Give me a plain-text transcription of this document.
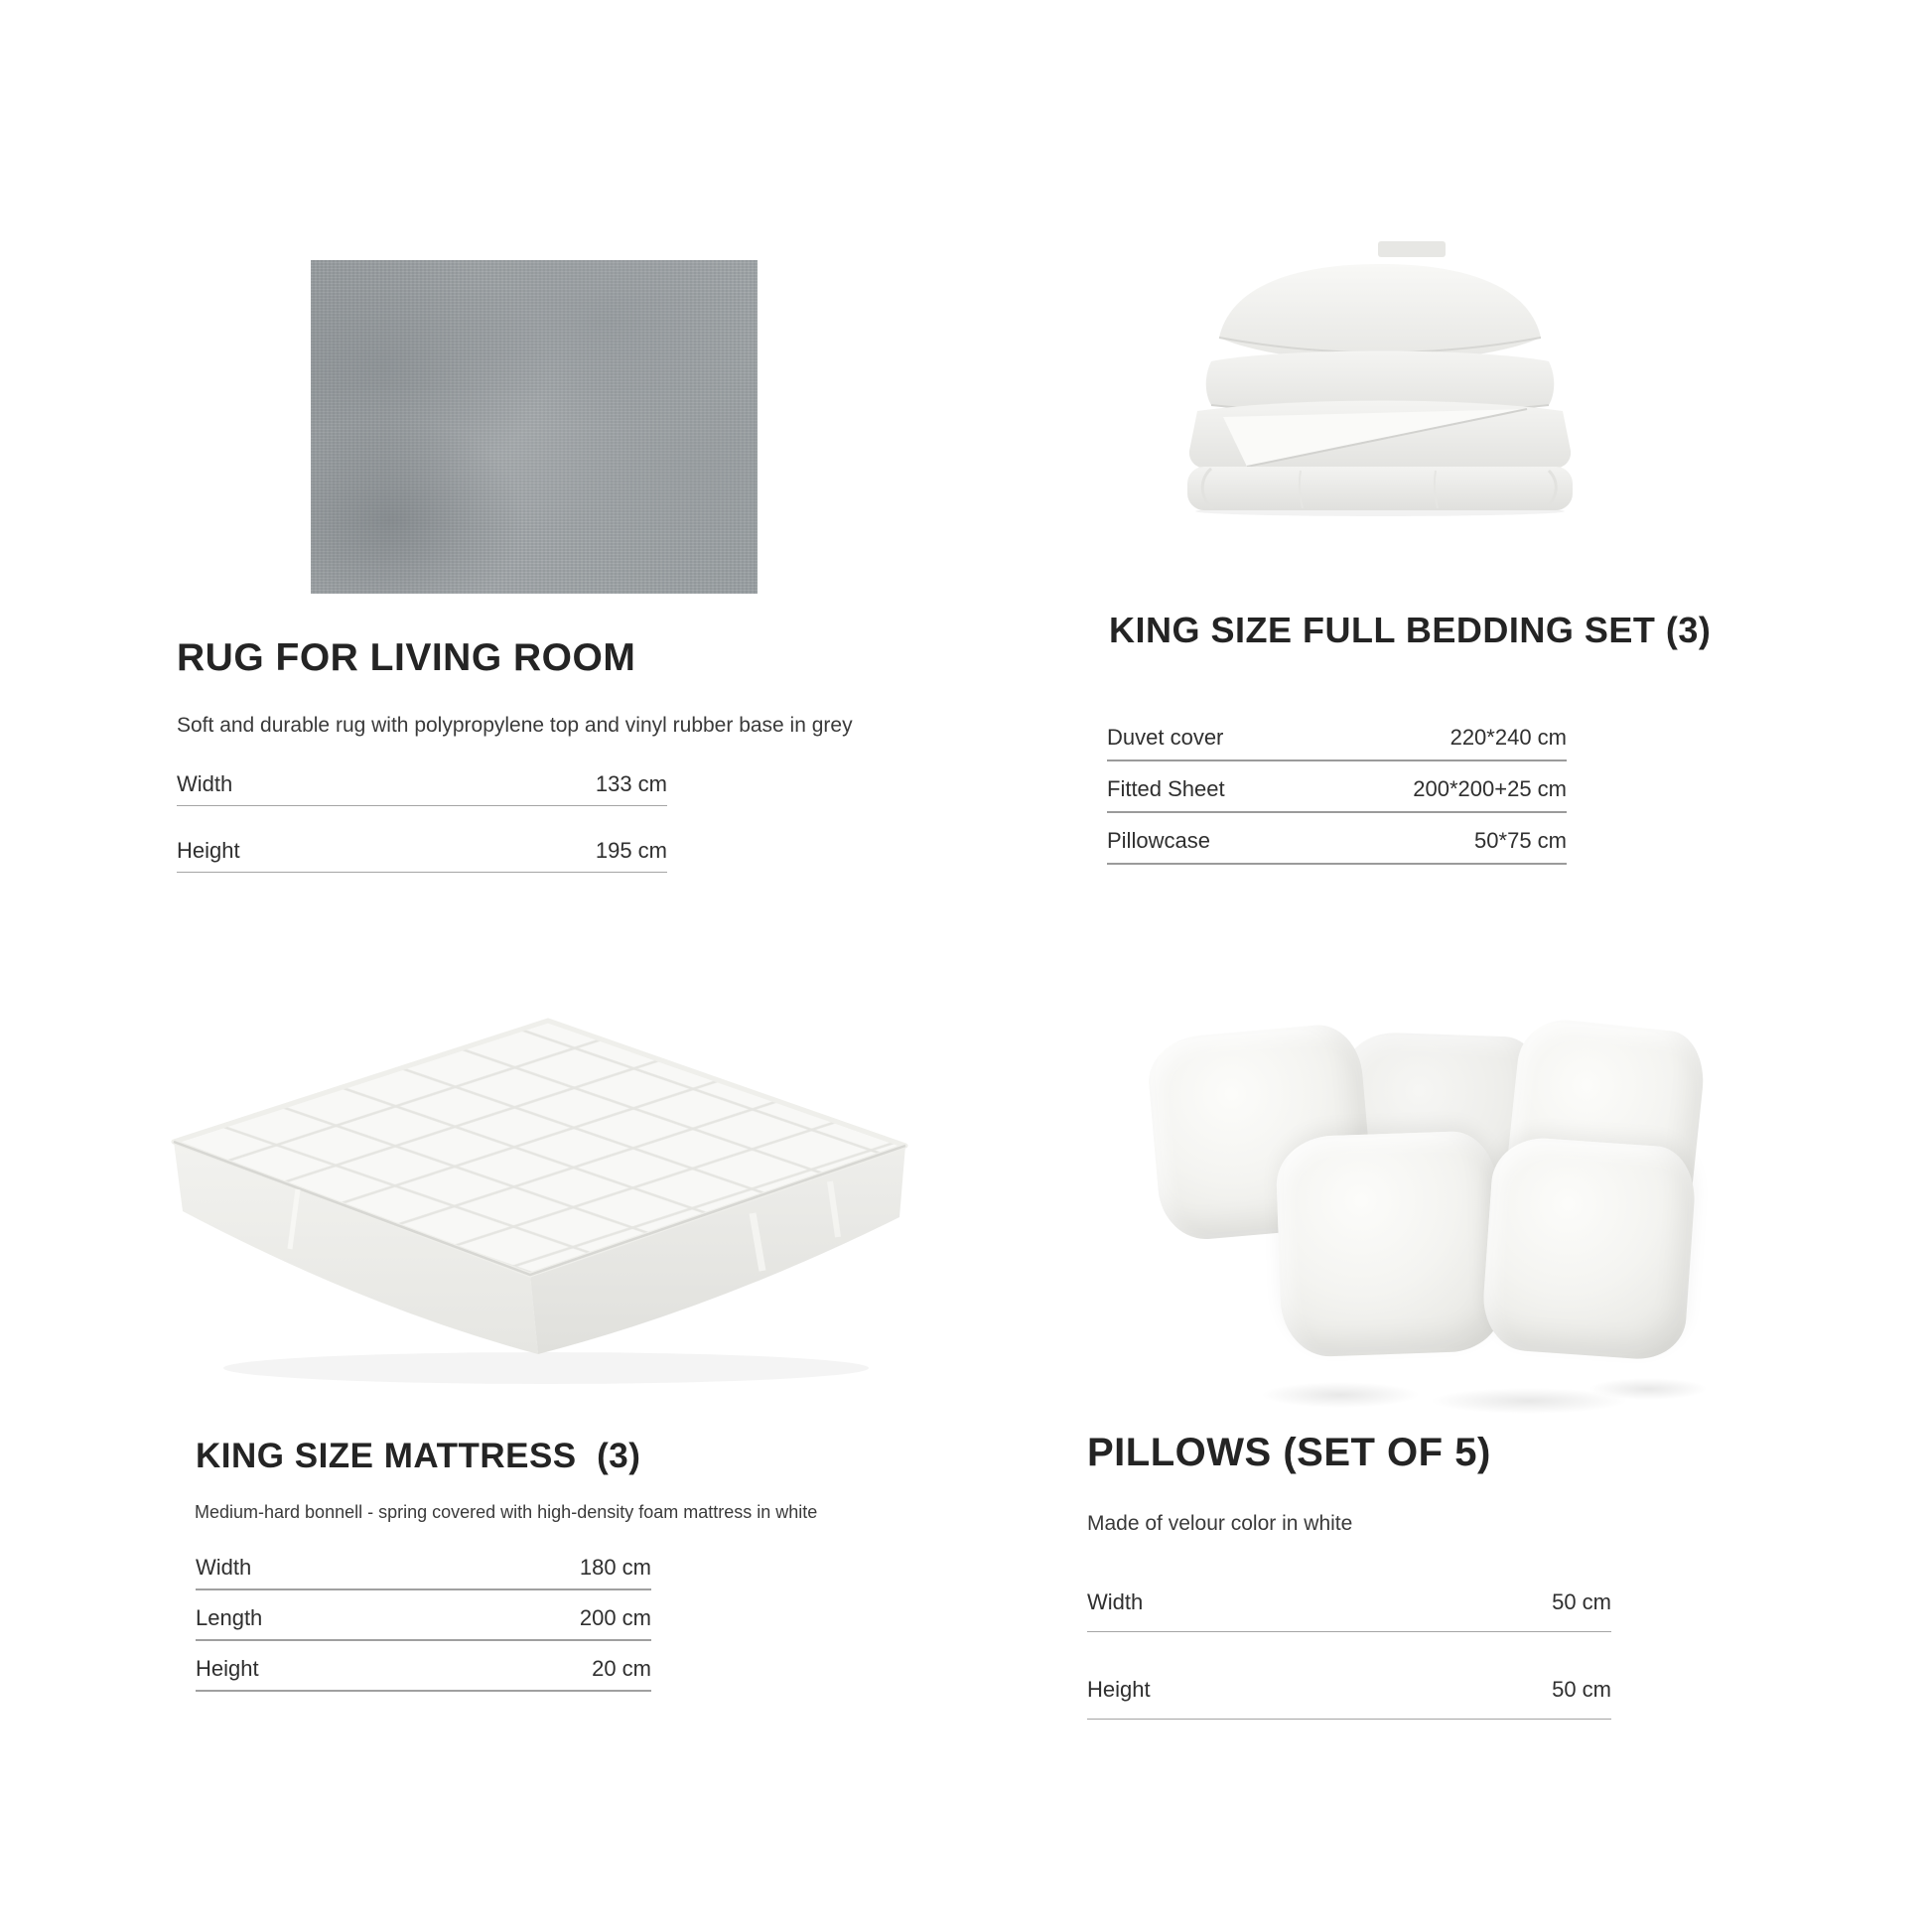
RUG FOR LIVING ROOM
Soft and durable rug with polypropylene top and vinyl rubber base in grey
Width	133 cm
Height	195 cm
KING SIZE FULL BEDDING SET (3)
Duvet cover	220*240 cm
Fitted Sheet	200*200+25 cm
Pillowcase	50*75 cm
KING SIZE MATTRESS  (3)
Medium-hard bonnell - spring covered with high-density foam mattress in white
Width	180 cm
Length	200 cm
Height	20 cm
PILLOWS (SET OF 5)
Made of velour color in white
Width	50 cm
Height	50 cm
